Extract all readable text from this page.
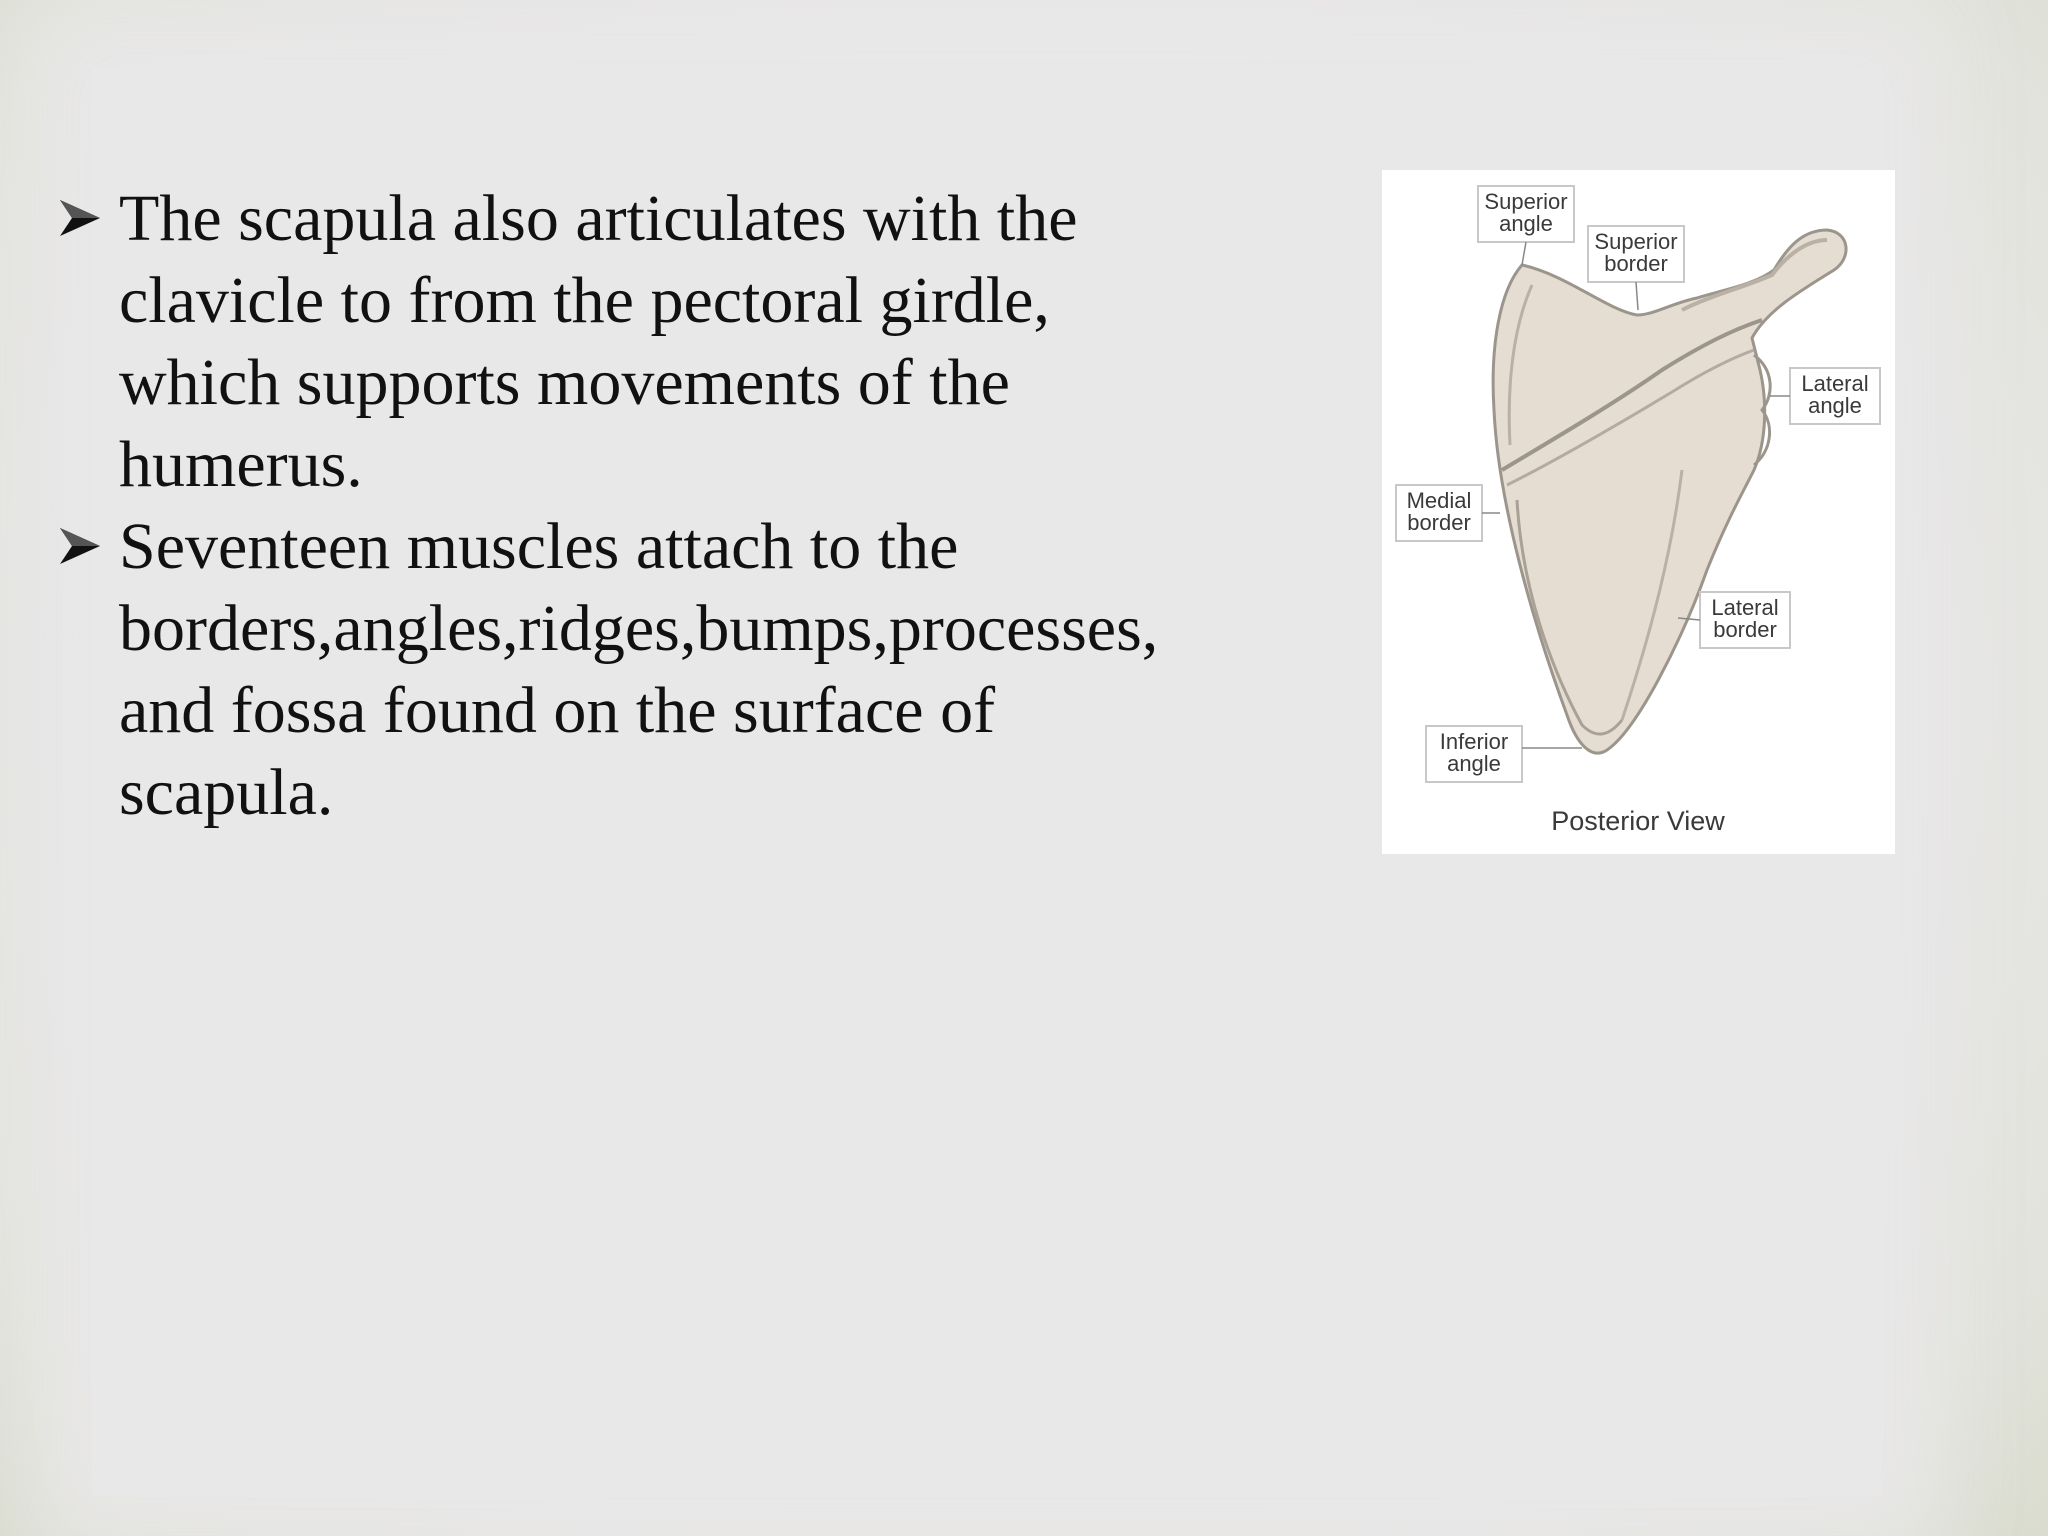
The scapula also articulates with the
clavicle to from the pectoral girdle,
which supports movements of the
humerus.
Seventeen muscles attach to the
borders,angles,ridges,bumps,processes,
and fossa found on the surface of
scapula.
Superior
angle
Superior
border
Lateral
angle
Medial
border
Lateral
border
Inferior
angle
Posterior View
